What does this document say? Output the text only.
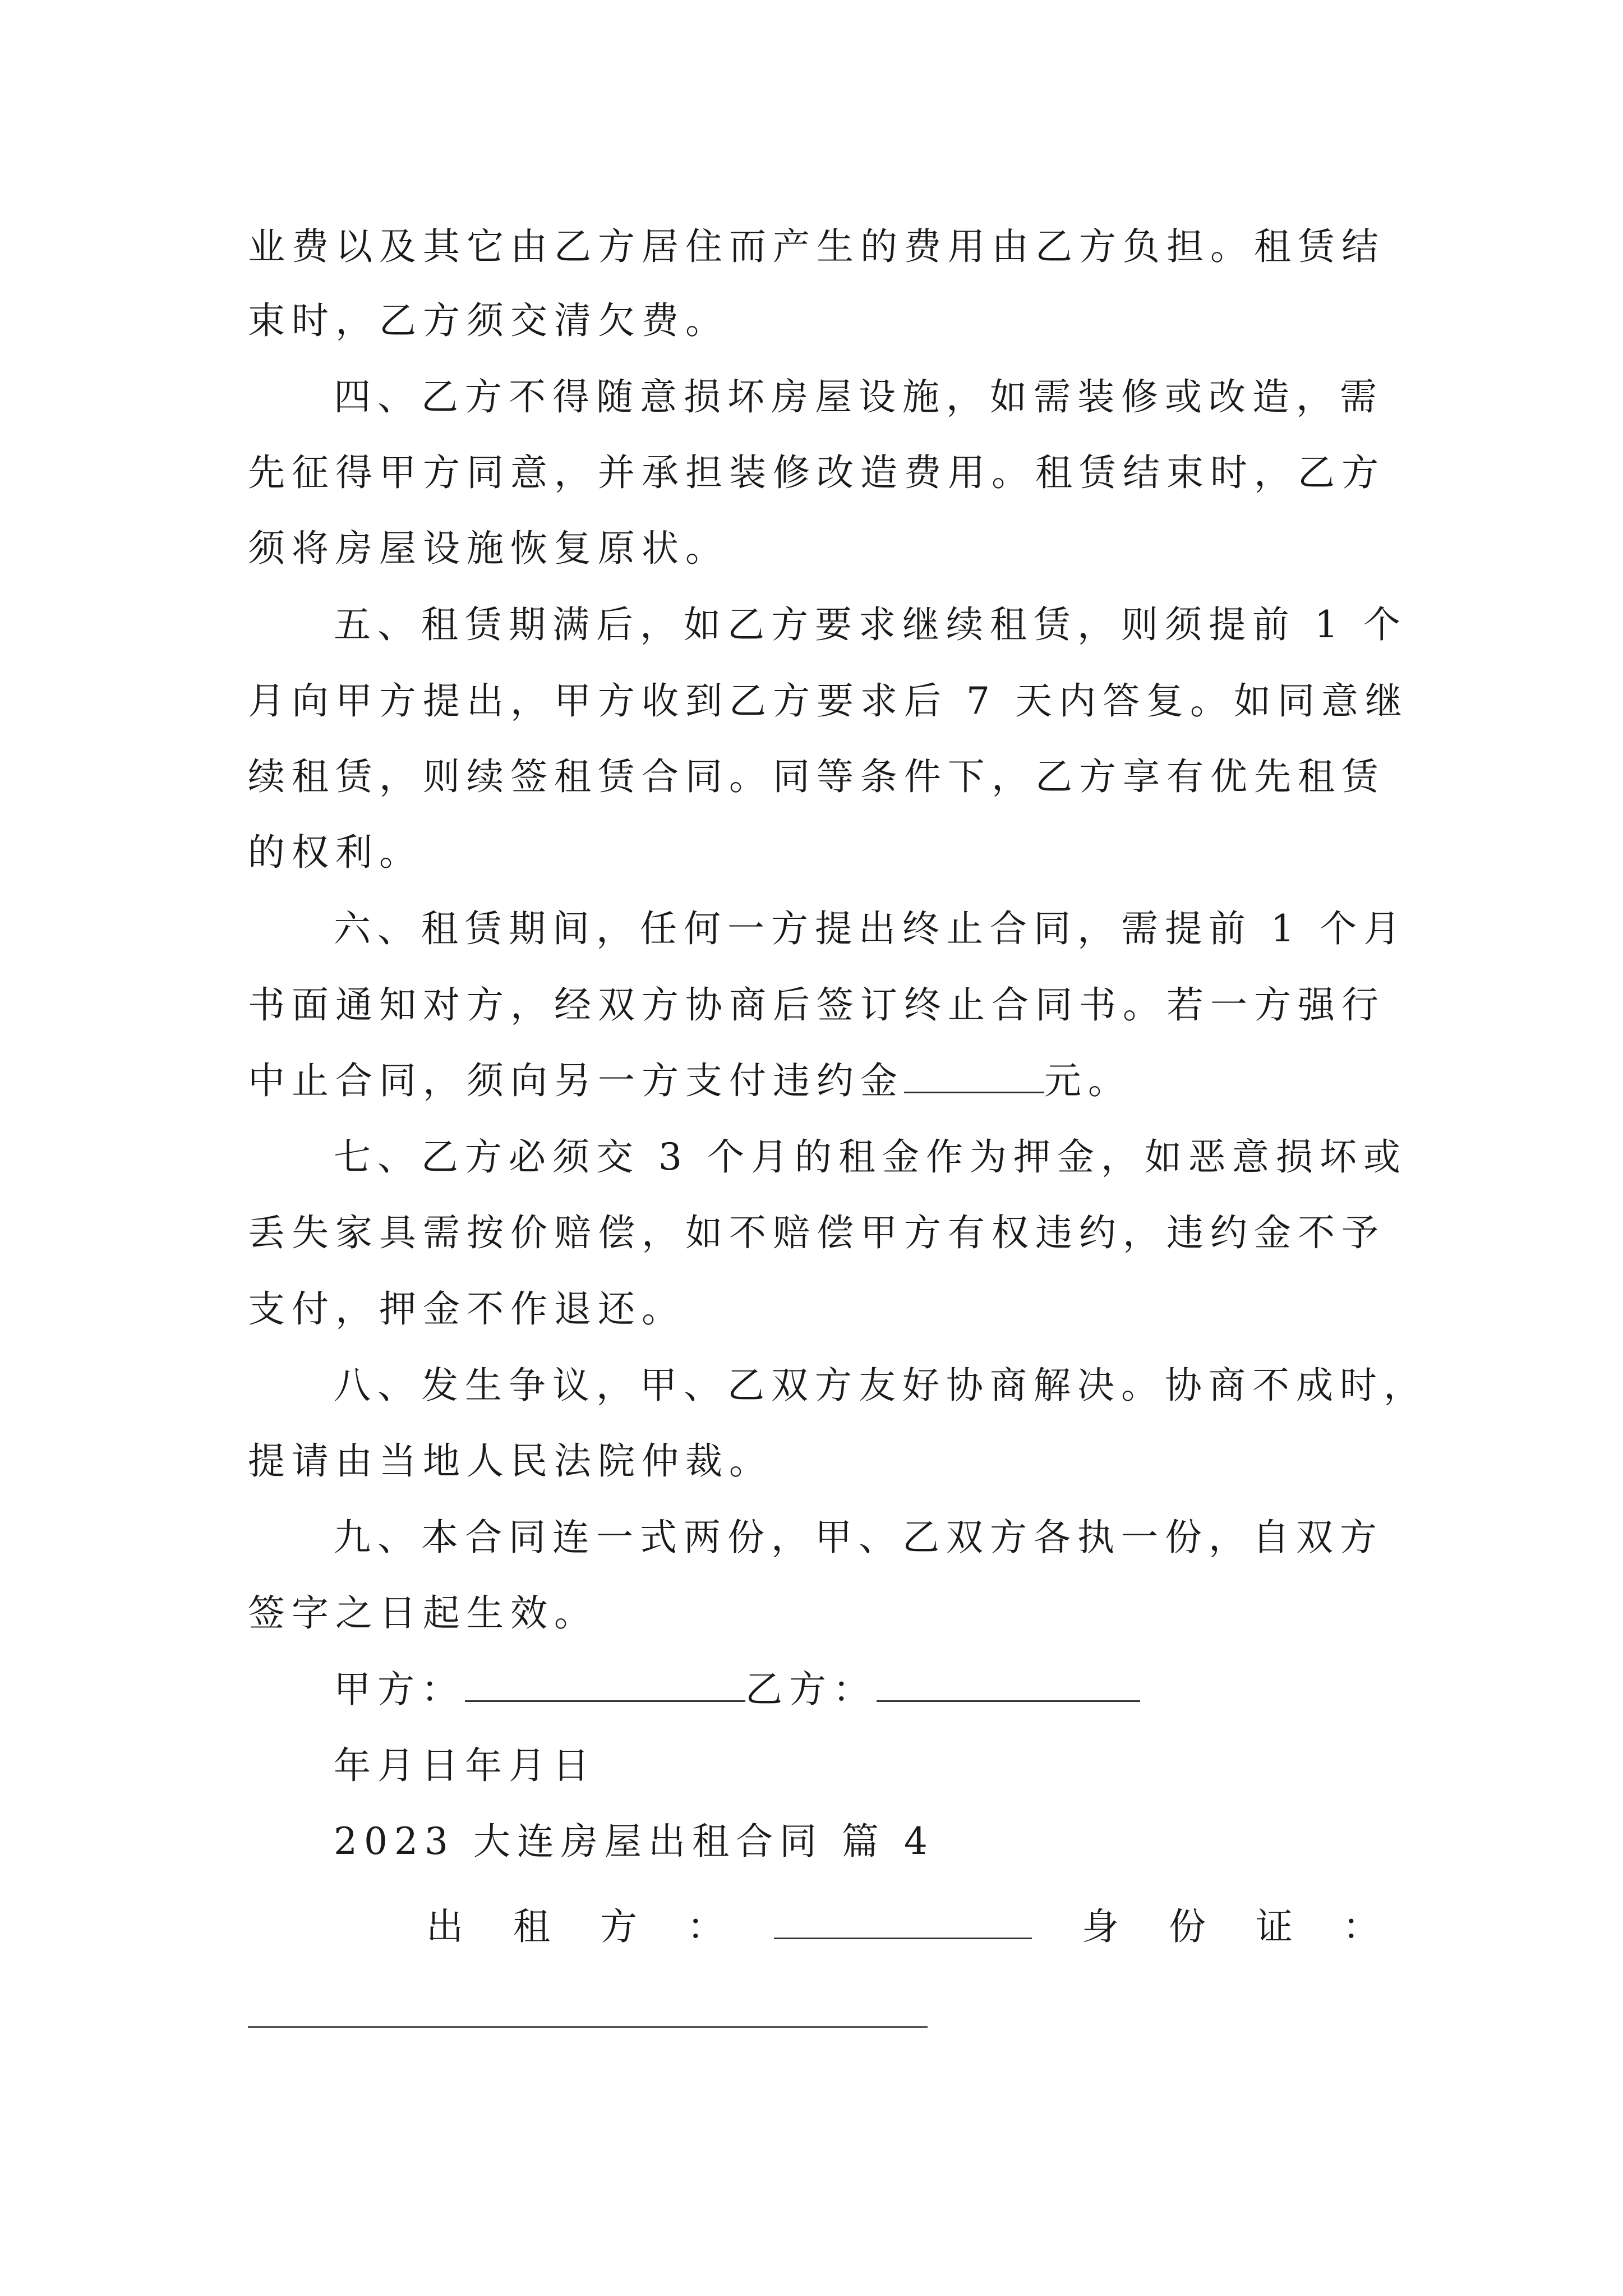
业费以及其它由乙方居住而产生的费用由乙方负担。租赁结
束时，乙方须交清欠费。
四、乙方不得随意损坏房屋设施，如需装修或改造，需
先征得甲方同意，并承担装修改造费用。租赁结束时，乙方
须将房屋设施恢复原状。
五、租赁期满后，如乙方要求继续租赁，则须提前 1 个
月向甲方提出，甲方收到乙方要求后 7 天内答复。如同意继
续租赁，则续签租赁合同。同等条件下，乙方享有优先租赁
的权利。
六、租赁期间，任何一方提出终止合同，需提前 1 个月
书面通知对方，经双方协商后签订终止合同书。若一方强行
中止合同，须向另一方支付违约金	元。
七、乙方必须交 3 个月的租金作为押金，如恶意损坏或
丢失家具需按价赔偿，如不赔偿甲方有权违约，违约金不予
支付，押金不作退还。
八、发生争议，甲、乙双方友好协商解决。协商不成时，
提请由当地人民法院仲裁。
九、本合同连一式两份，甲、乙双方各执一份，自双方
签字之日起生效。
甲方：	乙方：
年月日年月日
2023 大连房屋出租合同 篇 4
出 租 方 ：	身 份 证 ：
